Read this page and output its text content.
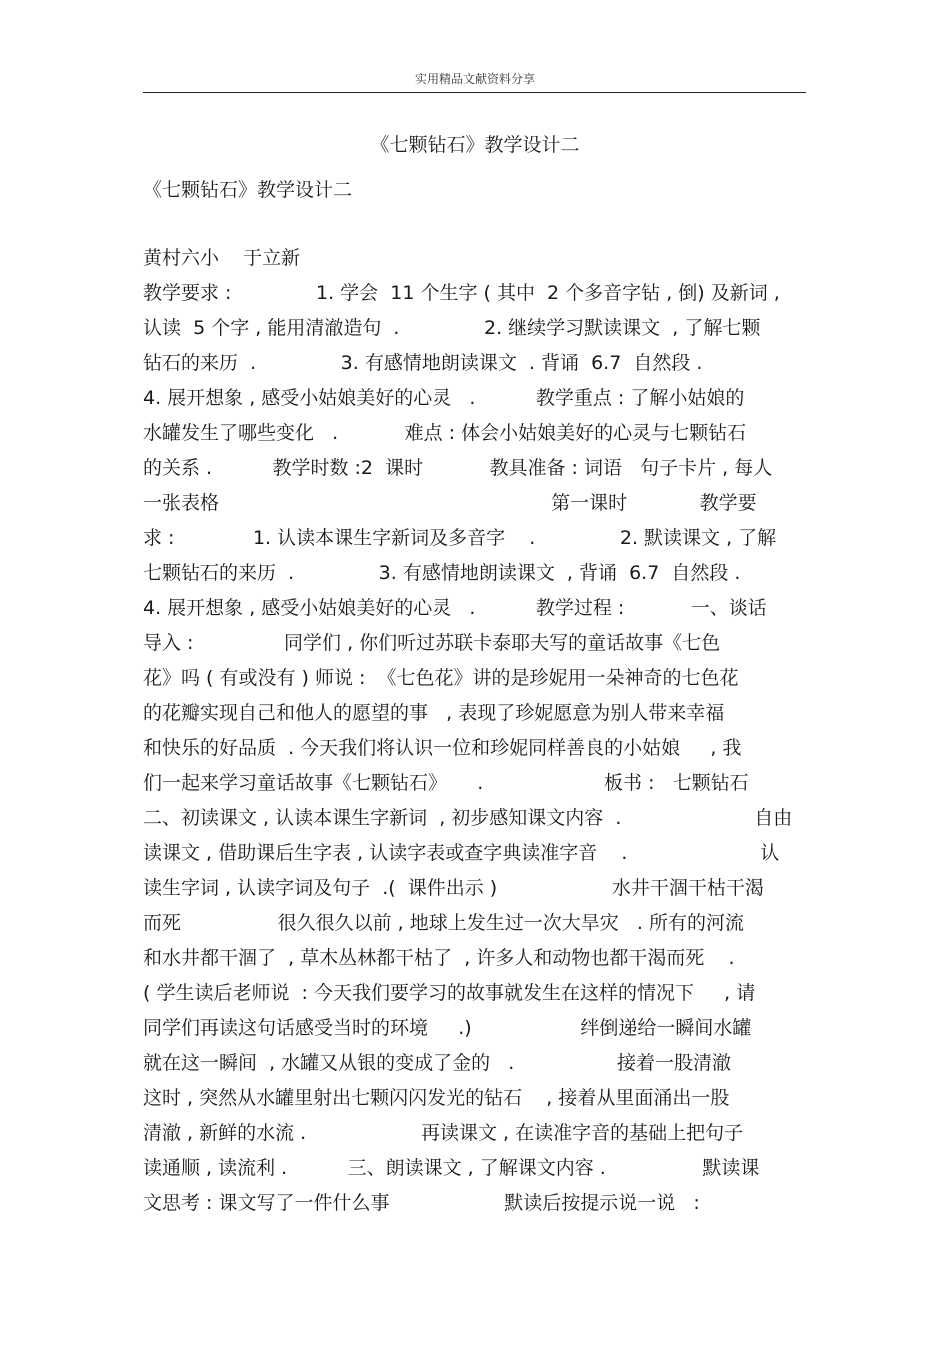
实用精品文献资料分享
《七颗钻石》教学设计二
《七颗钻石》教学设计二
黄村六小    于立新
教学要求 :              1. 学会  11 个生字 ( 其中  2 个多音字钻 , 倒) 及新词 ,
认读  5 个字 , 能用清澈造句  .              2. 继续学习默读课文  , 了解七颗
钻石的来历  .              3. 有感情地朗读课文  . 背诵  6.7  自然段 .
4. 展开想象 , 感受小姑娘美好的心灵   .          教学重点 : 了解小姑娘的
水罐发生了哪些变化   .           难点 : 体会小姑娘美好的心灵与七颗钻石
的关系 .          教学时数 :2  课时           教具准备 : 词语   句子卡片 , 每人
一张表格                                                       第一课时            教学要
求 :             1. 认读本课生字新词及多音字    .              2. 默读课文 , 了解
七颗钻石的来历  .              3. 有感情地朗读课文  , 背诵  6.7  自然段 .
4. 展开想象 , 感受小姑娘美好的心灵   .          教学过程 :           一、谈话
导入 :               同学们 , 你们听过苏联卡泰耶夫写的童话故事《七色
花》吗 ( 有或没有 ) 师说 :  《七色花》讲的是珍妮用一朵神奇的七色花
的花瓣实现自己和他人的愿望的事   , 表现了珍妮愿意为别人带来幸福
和快乐的好品质  . 今天我们将认识一位和珍妮同样善良的小姑娘     , 我
们一起来学习童话故事《七颗钻石》     .                    板书 :   七颗钻石
二、初读课文 , 认读本课生字新词  , 初步感知课文内容  .                      自由
读课文 , 借助课后生字表 , 认读字表或查字典读准字音    .                      认
读生字词 , 认读字词及句子  .(  课件出示 )                   水井干涸干枯干渴
而死                很久很久以前 , 地球上发生过一次大旱灾   . 所有的河流
和水井都干涸了  , 草木丛林都干枯了  , 许多人和动物也都干渴而死    .
( 学生读后老师说  : 今天我们要学习的故事就发生在这样的情况下     , 请
同学们再读这句话感受当时的环境     .)                  绊倒递给一瞬间水罐
就在这一瞬间  , 水罐又从银的变成了金的   .                 接着一股清澈
这时 , 突然从水罐里射出七颗闪闪发光的钻石    , 接着从里面涌出一股
清澈 , 新鲜的水流 .                   再读课文 , 在读准字音的基础上把句子
读通顺 , 读流利 .          三、朗读课文 , 了解课文内容 .                默读课
文思考 : 课文写了一件什么事                   默读后按提示说一说   :
